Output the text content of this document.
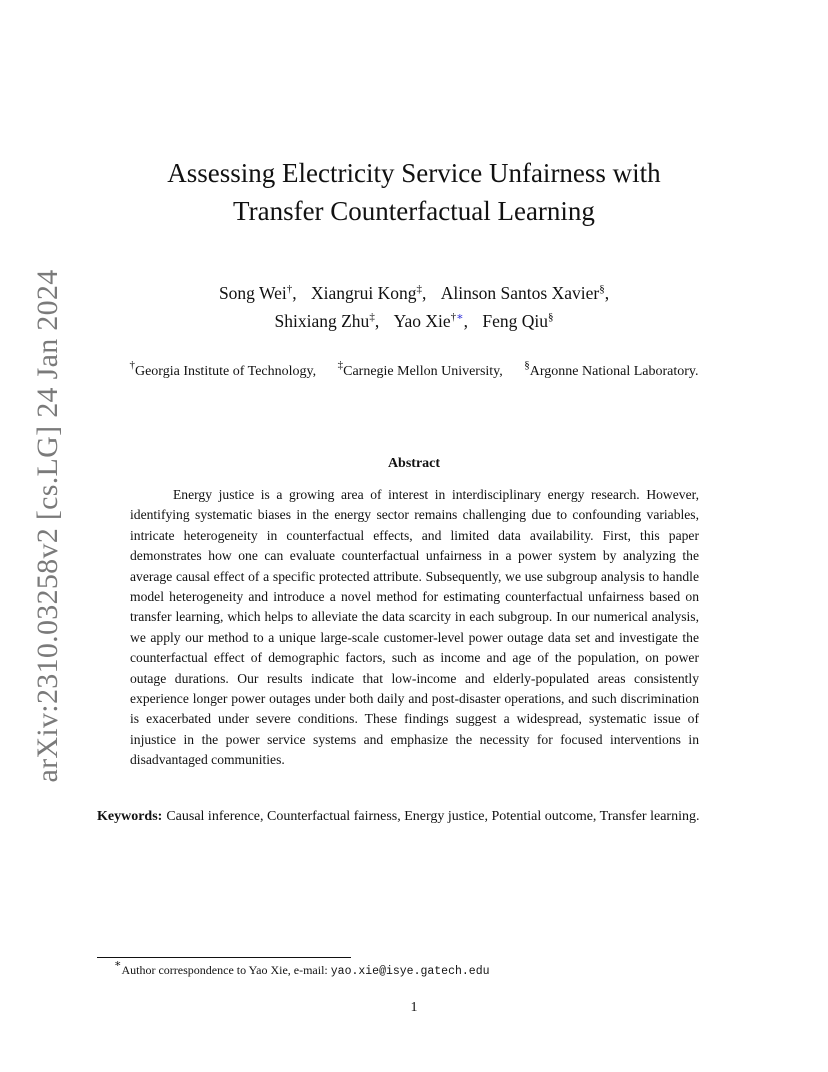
arXiv:2310.03258v2 [cs.LG] 24 Jan 2024
Assessing Electricity Service Unfairness with
Transfer Counterfactual Learning
Song Wei†, Xiangrui Kong‡, Alinson Santos Xavier§,
Shixiang Zhu‡, Yao Xie†∗, Feng Qiu§
†Georgia Institute of Technology, ‡Carnegie Mellon University, §Argonne National Laboratory.
Abstract

Energy justice is a growing area of interest in interdisciplinary energy research. However, identifying systematic biases in the energy sector remains challenging due to confounding variables, intricate heterogeneity in counterfactual effects, and limited data availability. First, this paper demonstrates how one can evaluate counterfactual unfairness in a power system by analyzing the average causal effect of a specific protected attribute. Subsequently, we use subgroup analysis to handle model heterogeneity and introduce a novel method for estimating counterfactual unfairness based on transfer learning, which helps to alleviate the data scarcity in each subgroup. In our numerical analysis, we apply our method to a unique large-scale customer-level power outage data set and investigate the counterfactual effect of demographic factors, such as income and age of the population, on power outage durations. Our results indicate that low-income and elderly-populated areas consistently experience longer power outages under both daily and post-disaster operations, and such discrimination is exacerbated under severe conditions. These findings suggest a widespread, systematic issue of injustice in the power service systems and emphasize the necessity for focused interventions in disadvantaged communities.

Keywords: Causal inference, Counterfactual fairness, Energy justice, Potential outcome, Transfer learning.

∗Author correspondence to Yao Xie, e-mail: yao.xie@isye.gatech.edu
1
